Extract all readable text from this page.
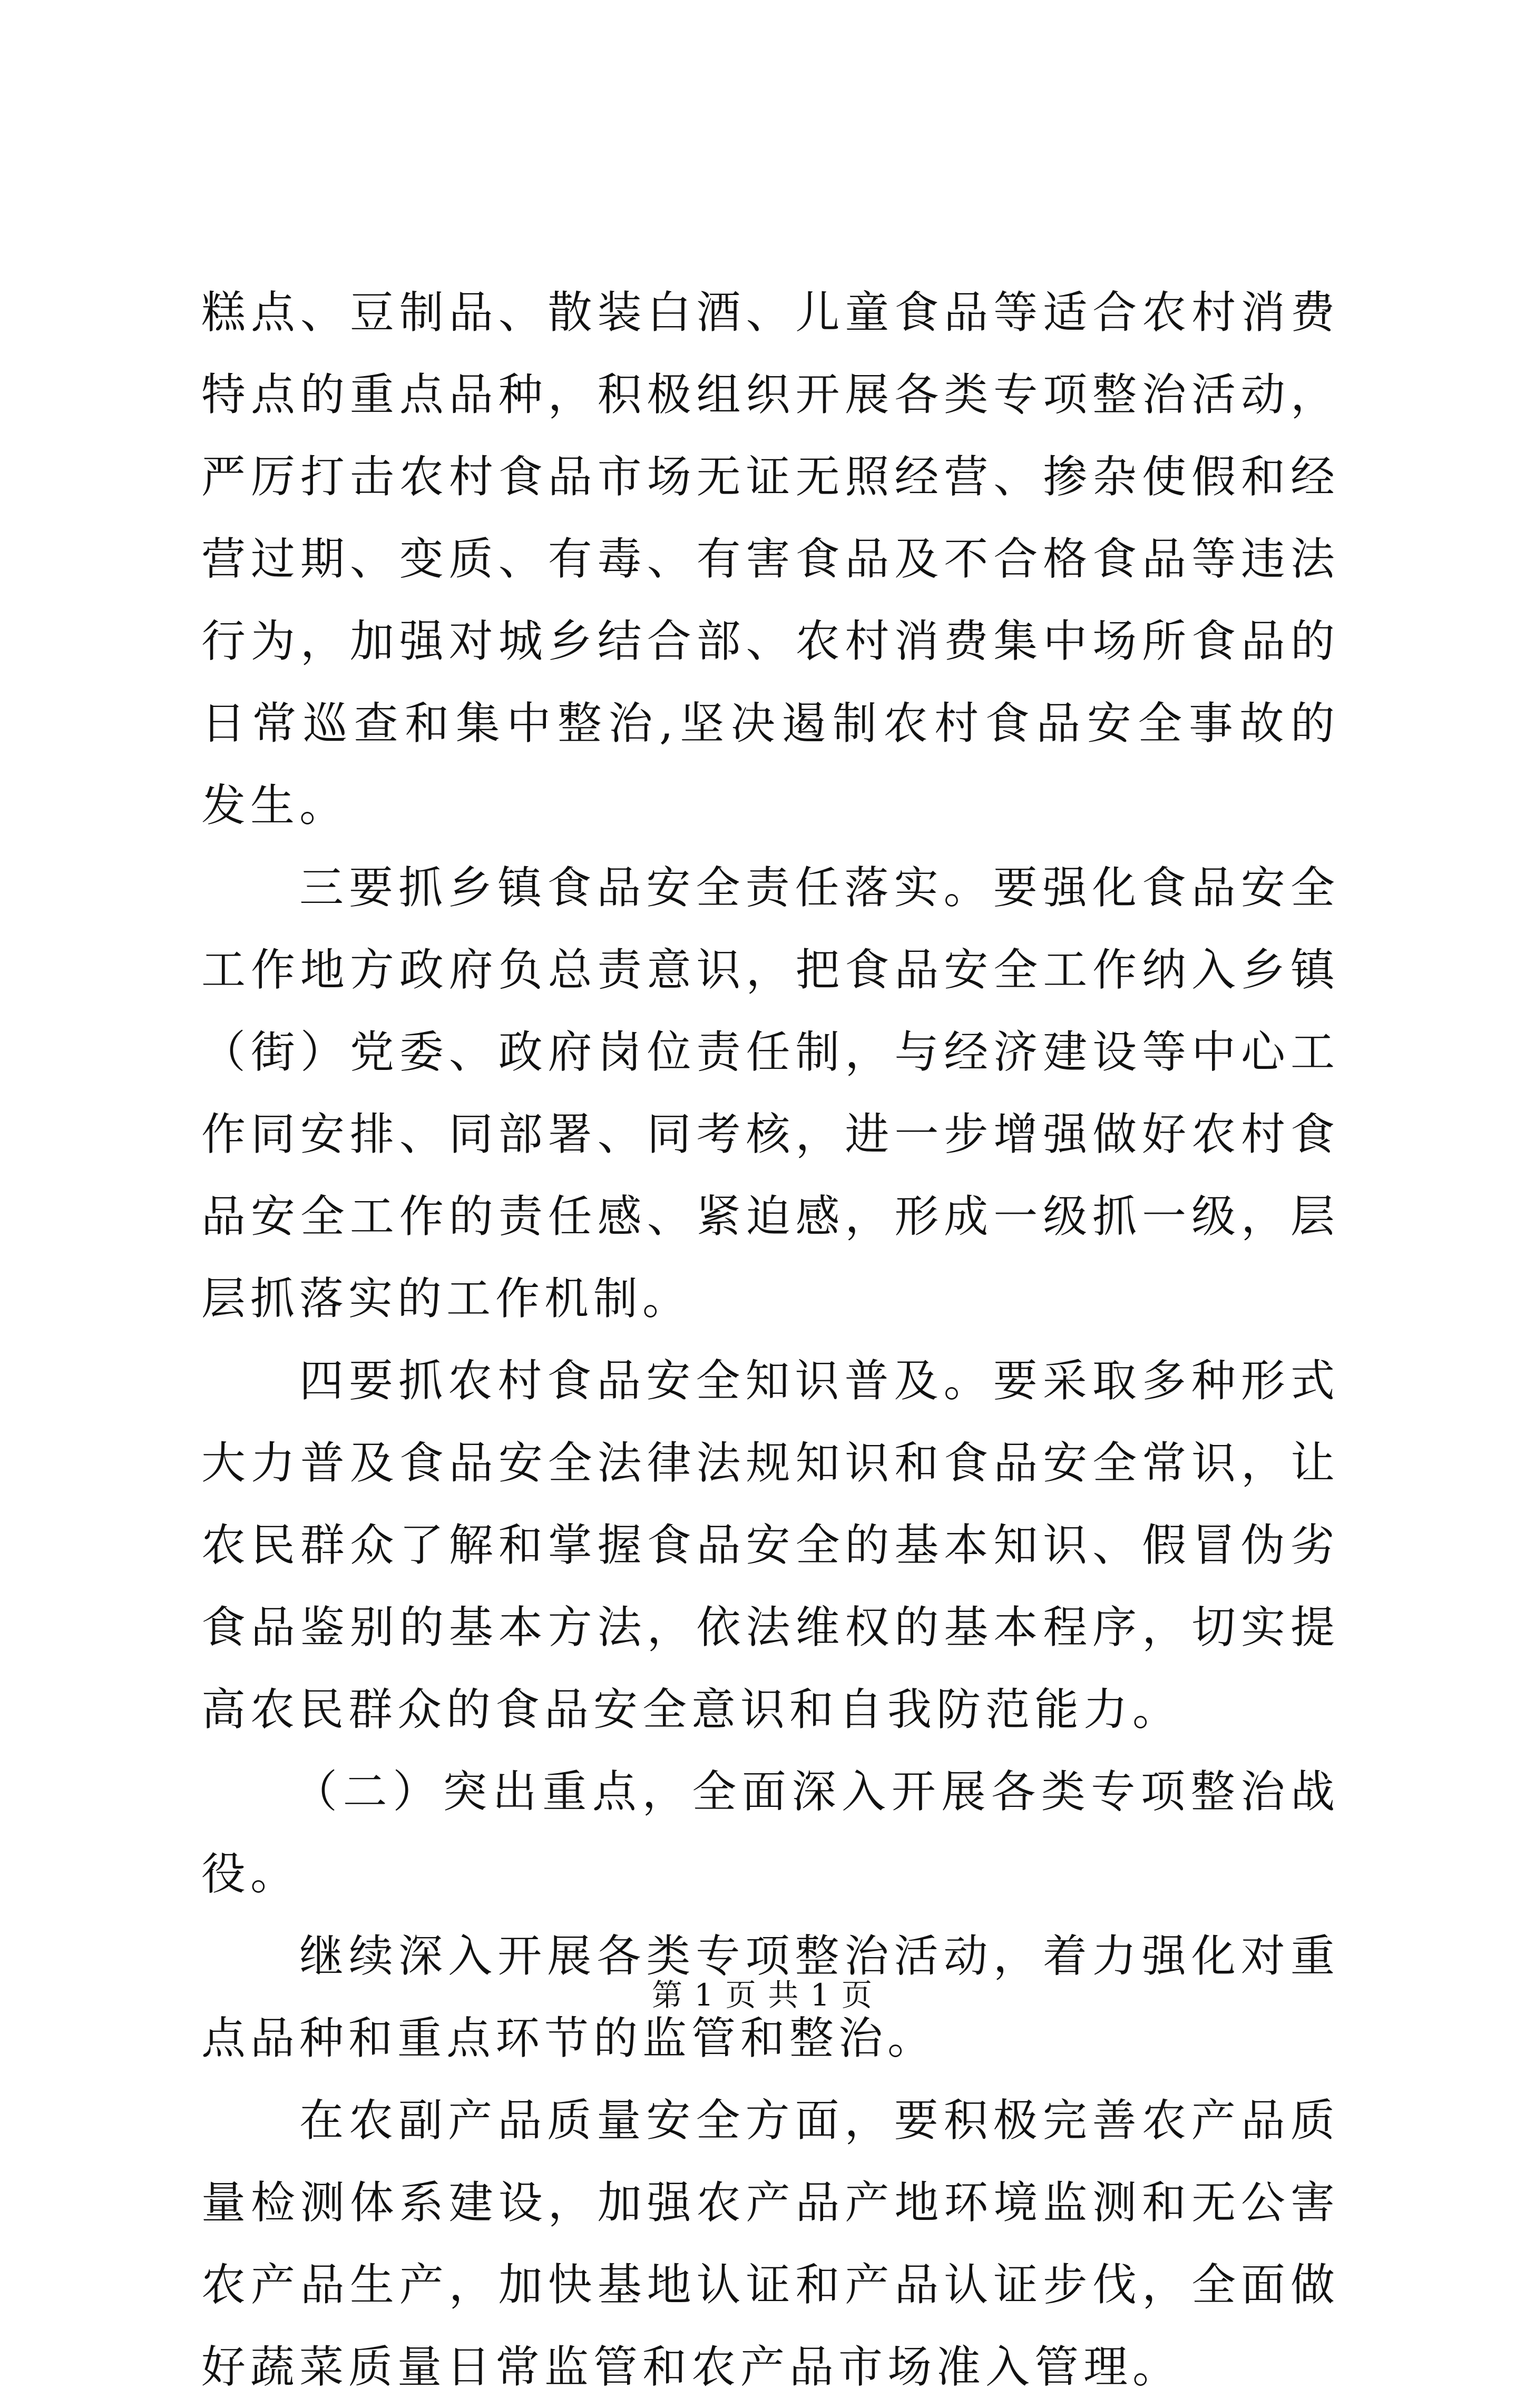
糕点、豆制品、散装白酒、儿童食品等适合农村消费特点的重点品种，积极组织开展各类专项整治活动，严厉打击农村食品市场无证无照经营、掺杂使假和经营过期、变质、有毒、有害食品及不合格食品等违法行为，加强对城乡结合部、农村消费集中场所食品的日常巡查和集中整治,坚决遏制农村食品安全事故的发生。

三要抓乡镇食品安全责任落实。要强化食品安全工作地方政府负总责意识，把食品安全工作纳入乡镇（街）党委、政府岗位责任制，与经济建设等中心工作同安排、同部署、同考核，进一步增强做好农村食品安全工作的责任感、紧迫感，形成一级抓一级，层层抓落实的工作机制。

四要抓农村食品安全知识普及。要采取多种形式大力普及食品安全法律法规知识和食品安全常识，让农民群众了解和掌握食品安全的基本知识、假冒伪劣食品鉴别的基本方法，依法维权的基本程序，切实提高农民群众的食品安全意识和自我防范能力。

（二）突出重点，全面深入开展各类专项整治战役。

继续深入开展各类专项整治活动，着力强化对重点品种和重点环节的监管和整治。

在农副产品质量安全方面，要积极完善农产品质量检测体系建设，加强农产品产地环境监测和无公害农产品生产，加快基地认证和产品认证步伐，全面做好蔬菜质量日常监管和农产品市场准入管理。

第 1 页 共 1 页
